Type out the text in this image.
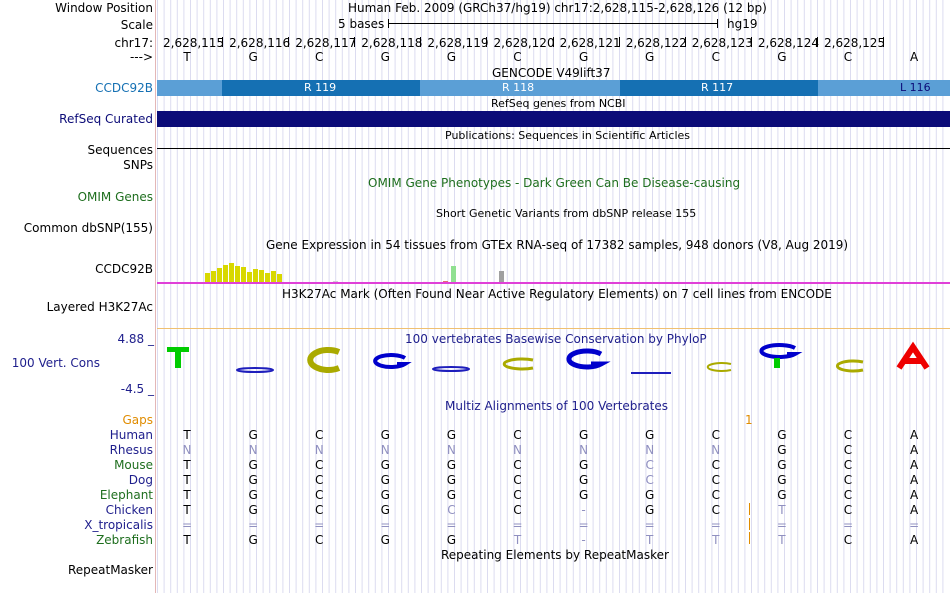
Window Position
Scale
chr17:
--->
Human Feb. 2009 (GRCh37/hg19) chr17:2,628,115-2,628,126 (12 bp)
5 bases	hg19
2,628,115 2,628,116 2,628,117 2,628,118 2,628,119 2,628,120 2,628,121 2,628,122 2,628,123 2,628,124 2,628,125
T	G	C	G	G	C	G	G	C	G	C	A
GENCODE V49lift37
CCDC92B	R 119	R 118	R 117	L 116
RefSeq genes from NCBI
RefSeq Curated
Publications: Sequences in Scientific Articles
Sequences
SNPs
OMIM Gene Phenotypes - Dark Green Can Be Disease-causing
OMIM Genes
Short Genetic Variants from dbSNP release 155
Common dbSNP(155)
Gene Expression in 54 tissues from GTEx RNA-seq of 17382 samples, 948 donors (V8, Aug 2019)
CCDC92B
H3K27Ac Mark (Often Found Near Active Regulatory Elements) on 7 cell lines from ENCODE
Layered H3K27Ac
100 vertebrates Basewise Conservation by PhyloP
4.88 _
100 Vert. Cons
-4.5 _
Multiz Alignments of 100 Vertebrates
Gaps	1
Human	T	G	C	G	G	C	G	G	C	G	C	A
Rhesus	N	N	N	N	N	N	N	N	N	G	C	A
Mouse	T	G	C	G	G	C	G	C	C	G	C	A
Dog	T	G	C	G	G	C	G	C	C	G	C	A
Elephant	T	G	C	G	G	C	G	G	C	G	C	A
Chicken	T	G	C	G	C	C	-	G	C	T	C	A
X_tropicalis	=	=	=	=	=	=	=	=	=	=	=	=
Zebrafish	T	G	C	G	G	T	-	T	T	T	C	A
Repeating Elements by RepeatMasker
RepeatMasker
